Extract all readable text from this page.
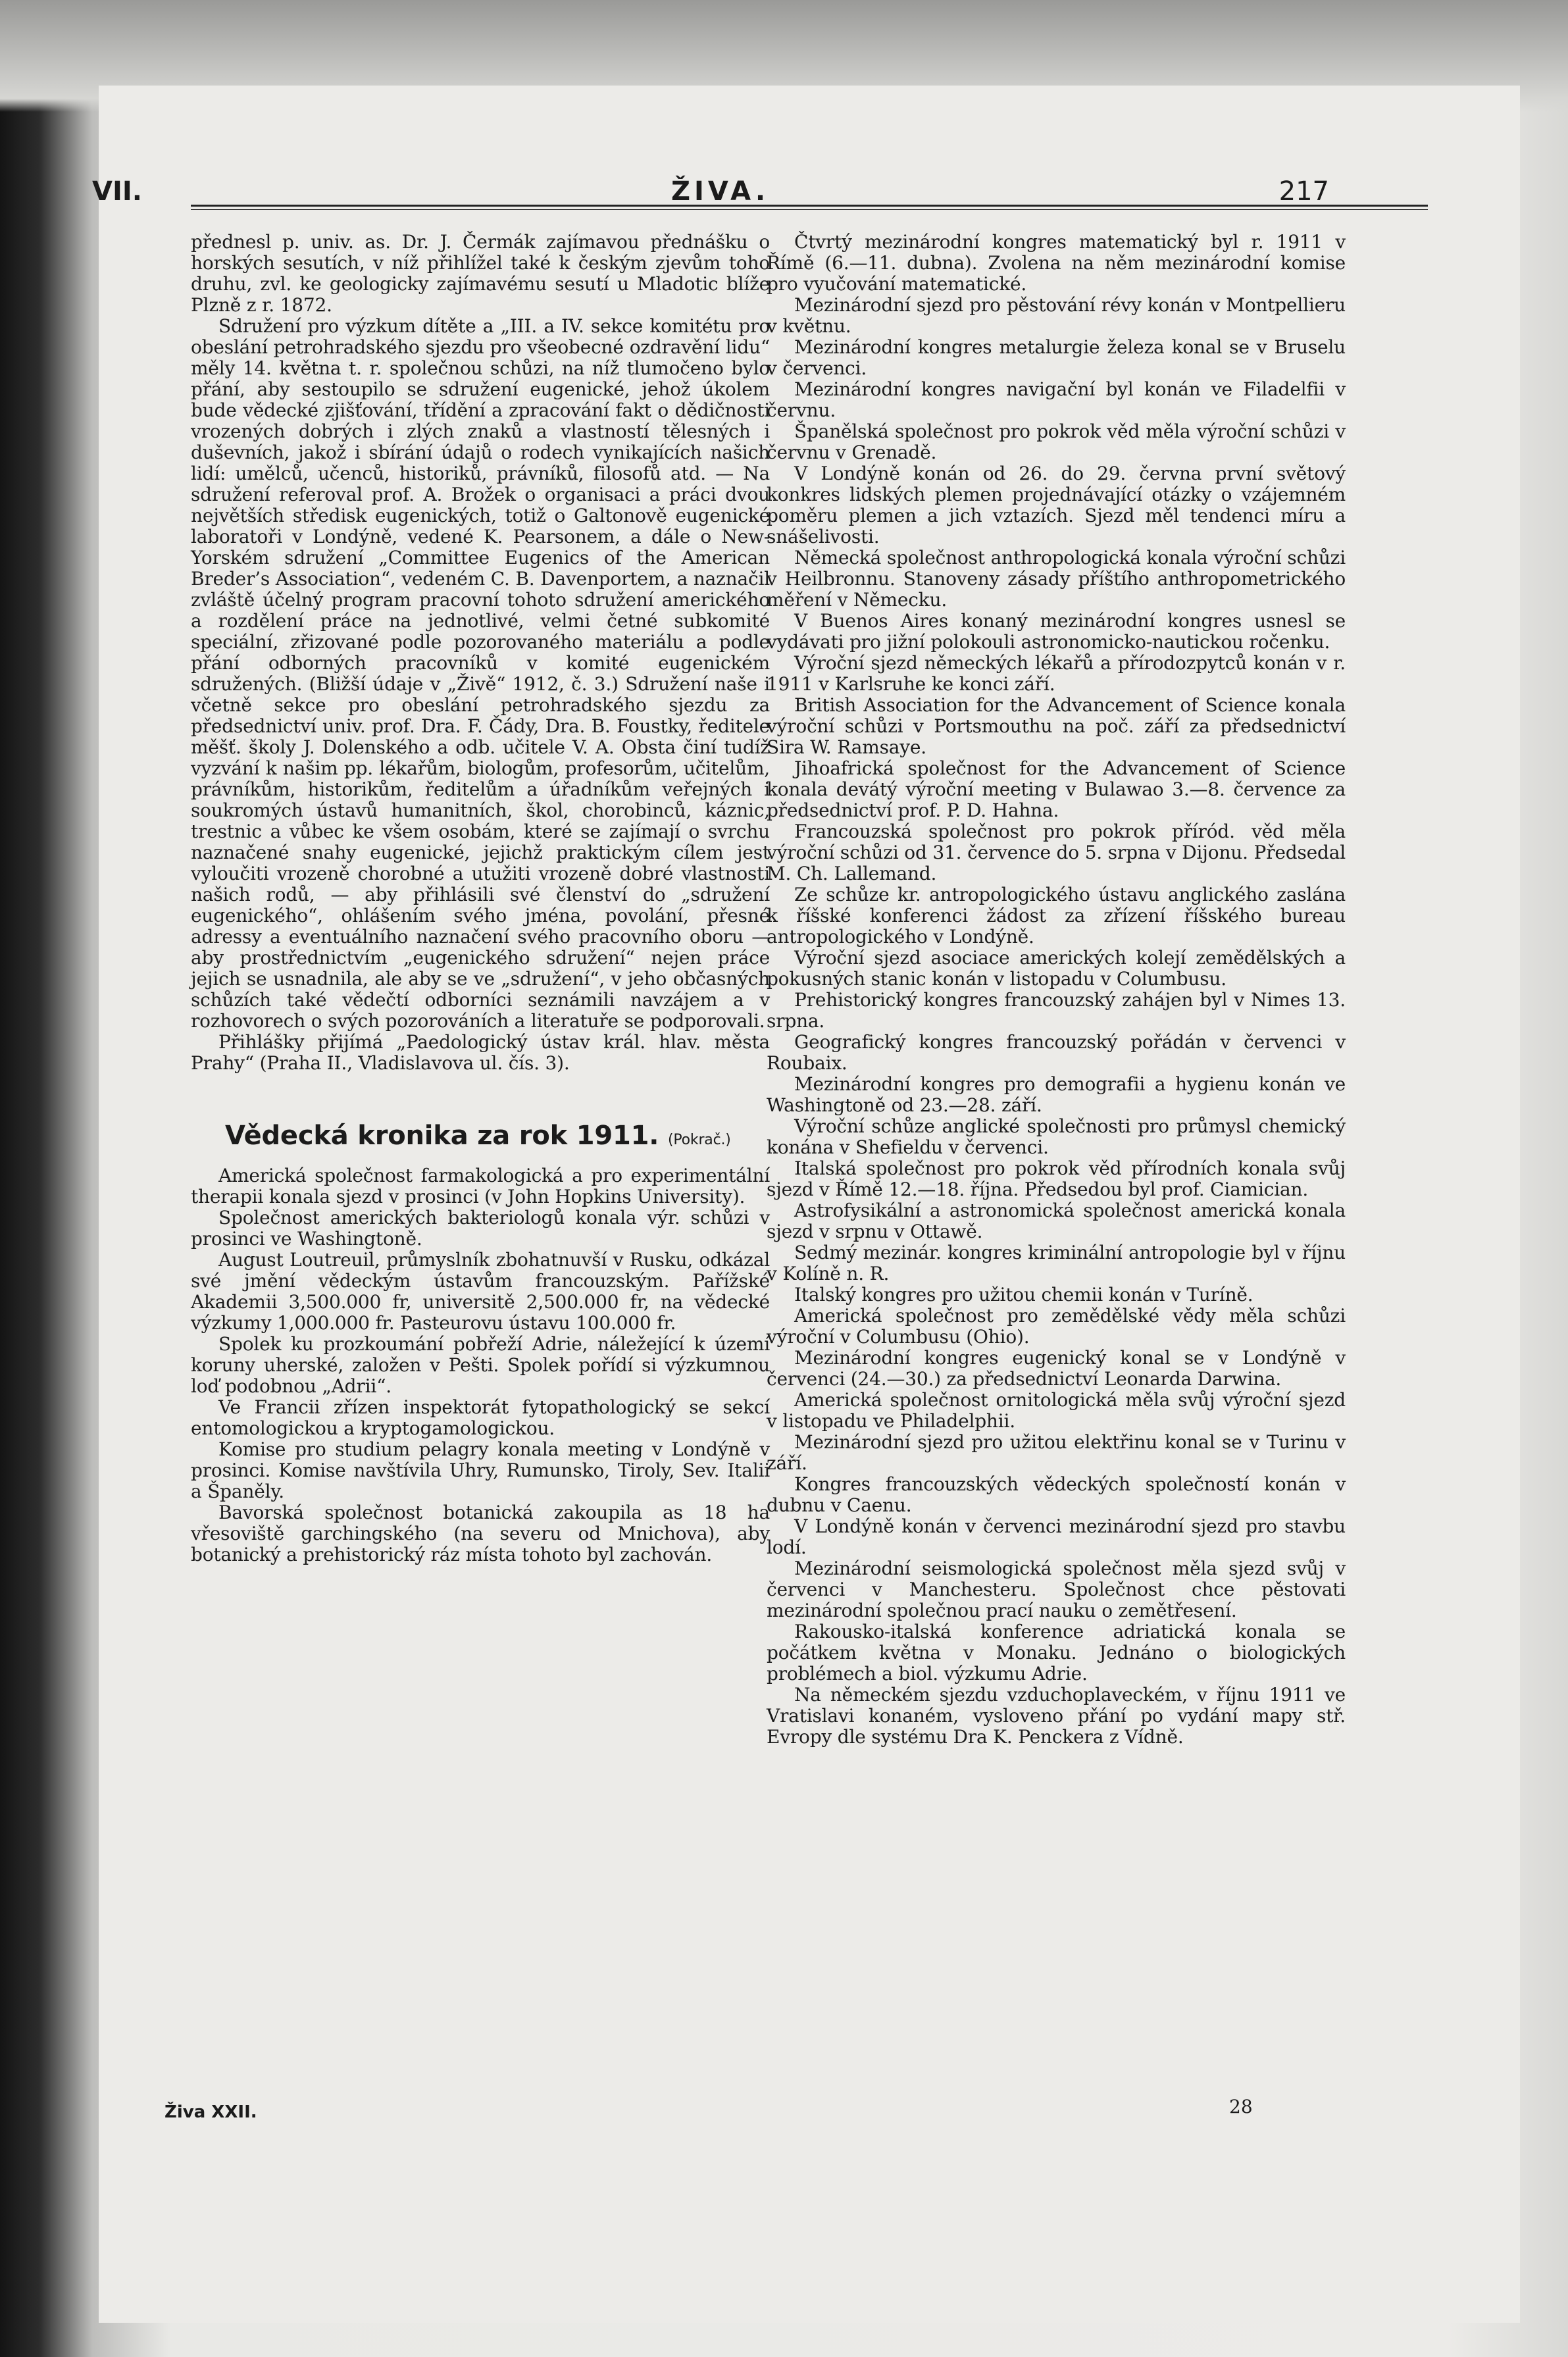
VII.	ŽIVA.	217

přednesl p. univ. as. Dr. J. Čermák zajímavou přednášku o horských sesutích, v níž přihlížel také k českým zjevům toho druhu, zvl. ke geologicky zajímavému sesutí u Mladotic blíže Plzně z r. 1872.

Sdružení pro výzkum dítěte a „III. a IV. sekce komitétu pro obeslání petrohradského sjezdu pro všeobecné ozdravění lidu“ měly 14. května t. r. společnou schůzi, na níž tlumočeno bylo přání, aby sestoupilo se sdružení eugenické, jehož úkolem bude vědecké zjišťování, třídění a zpracování fakt o dědičnosti vrozených dobrých i zlých znaků a vlastností tělesných i duševních, jakož i sbírání údajů o rodech vynikajících našich lidí: umělců, učenců, historiků, právníků, filosofů atd. — Na sdružení referoval prof. A. Brožek o organisaci a práci dvou největších středisk eugenických, totiž o Galtonově eugenické laboratoři v Londýně, vedené K. Pearsonem, a dále o New-Yorském sdružení „Committee Eugenics of the American Breder’s Association“, vedeném C. B. Davenportem, a naznačil zvláště účelný program pracovní tohoto sdružení amerického a rozdělení práce na jednotlivé, velmi četné subkomité speciální, zřizované podle pozorovaného materiálu a podle přání odborných pracovníků v komité eugenickém sdružených. (Bližší údaje v „Živě“ 1912, č. 3.) Sdružení naše i včetně sekce pro obeslání petrohradského sjezdu za předsednictví univ. prof. Dra. F. Čády, Dra. B. Foustky, ředitele měšť. školy J. Dolenského a odb. učitele V. A. Obsta činí tudíž vyzvání k našim pp. lékařům, biologům, profesorům, učitelům, právníkům, historikům, ředitelům a úřadníkům veřejných i soukromých ústavů humanitních, škol, chorobinců, káznic, trestnic a vůbec ke všem osobám, které se zajímají o svrchu naznačené snahy eugenické, jejichž praktickým cílem jest vyloučiti vrozeně chorobné a utužiti vrozeně dobré vlastnosti našich rodů, — aby přihlásili své členství do „sdružení eugenického“, ohlášením svého jména, povolání, přesné adressy a eventuálního naznačení svého pracovního oboru — aby prostřednictvím „eugenického sdružení“ nejen práce jejich se usnadnila, ale aby se ve „sdružení“, v jeho občasných schůzích také vědečtí odborníci seznámili navzájem a v rozhovorech o svých pozorováních a literatuře se podporovali.

Přihlášky přijímá „Paedologický ústav král. hlav. města Prahy“ (Praha II., Vladislavova ul. čís. 3).

Vědecká kronika za rok 1911. (Pokrač.)

Americká společnost farmakologická a pro experimentální therapii konala sjezd v prosinci (v John Hopkins University).

Společnost amerických bakteriologů konala výr. schůzi v prosinci ve Washingtoně.

August Loutreuil, průmyslník zbohatnuvší v Rusku, odkázal své jmění vědeckým ústavům francouzským. Pařížské Akademii 3,500.000 fr, universitě 2,500.000 fr, na vědecké výzkumy 1,000.000 fr. Pasteurovu ústavu 100.000 fr.

Spolek ku prozkoumání pobřeží Adrie, náležející k území koruny uherské, založen v Pešti. Spolek pořídí si výzkumnou loď podobnou „Adrii“.

Ve Francii zřízen inspektorát fytopathologický se sekcí entomologickou a kryptogamologickou.

Komise pro studium pelagry konala meeting v Londýně v prosinci. Komise navštívila Uhry, Rumunsko, Tiroly, Sev. Italii a Španěly.

Bavorská společnost botanická zakoupila as 18 ha vřesoviště garchingského (na severu od Mnichova), aby botanický a prehistorický ráz místa tohoto byl zachován.

Čtvrtý mezinárodní kongres matematický byl r. 1911 v Římě (6.—11. dubna). Zvolena na něm mezinárodní komise pro vyučování matematické.

Mezinárodní sjezd pro pěstování révy konán v Montpellieru v květnu.

Mezinárodní kongres metalurgie železa konal se v Bruselu v červenci.

Mezinárodní kongres navigační byl konán ve Filadelfii v červnu.

Španělská společnost pro pokrok věd měla výroční schůzi v červnu v Grenadě.

V Londýně konán od 26. do 29. června první světový konkres lidských plemen projednávající otázky o vzájemném poměru plemen a jich vztazích. Sjezd měl tendenci míru a snášelivosti.

Německá společnost anthropologická konala výroční schůzi v Heilbronnu. Stanoveny zásady příštího anthropometrického měření v Německu.

V Buenos Aires konaný mezinárodní kongres usnesl se vydávati pro jižní polokouli astronomicko-nautickou ročenku.

Výroční sjezd německých lékařů a přírodozpytců konán v r. 1911 v Karlsruhe ke konci září.

British Association for the Advancement of Science konala výroční schůzi v Portsmouthu na poč. září za předsednictví Sira W. Ramsaye.

Jihoafrická společnost for the Advancement of Science konala devátý výroční meeting v Bulawao 3.—8. července za předsednictví prof. P. D. Hahna.

Francouzská společnost pro pokrok příród. věd měla výroční schůzi od 31. července do 5. srpna v Dijonu. Předsedal M. Ch. Lallemand.

Ze schůze kr. antropologického ústavu anglického zaslána k říšské konferenci žádost za zřízení říšského bureau antropologického v Londýně.

Výroční sjezd asociace amerických kolejí zemědělských a pokusných stanic konán v listopadu v Columbusu.

Prehistorický kongres francouzský zahájen byl v Nimes 13. srpna.

Geografický kongres francouzský pořádán v červenci v Roubaix.

Mezinárodní kongres pro demografii a hygienu konán ve Washingtoně od 23.—28. září.

Výroční schůze anglické společnosti pro průmysl chemický konána v Shefieldu v červenci.

Italská společnost pro pokrok věd přírodních konala svůj sjezd v Římě 12.—18. října. Předsedou byl prof. Ciamician.

Astrofysikální a astronomická společnost americká konala sjezd v srpnu v Ottawě.

Sedmý mezinár. kongres kriminální antropologie byl v říjnu v Kolíně n. R.

Italský kongres pro užitou chemii konán v Turíně.

Americká společnost pro zemědělské vědy měla schůzi výroční v Columbusu (Ohio).

Mezinárodní kongres eugenický konal se v Londýně v červenci (24.—30.) za předsednictví Leonarda Darwina.

Americká společnost ornitologická měla svůj výroční sjezd v listopadu ve Philadelphii.

Mezinárodní sjezd pro užitou elektřinu konal se v Turinu v září.

Kongres francouzských vědeckých společností konán v dubnu v Caenu.

V Londýně konán v červenci mezinárodní sjezd pro stavbu lodí.

Mezinárodní seismologická společnost měla sjezd svůj v červenci v Manchesteru. Společnost chce pěstovati mezinárodní společnou prací nauku o zemětřesení.

Rakousko-italská konference adriatická konala se počátkem května v Monaku. Jednáno o biologických problémech a biol. výzkumu Adrie.

Na německém sjezdu vzduchoplaveckém, v říjnu 1911 ve Vratislavi konaném, vysloveno přání po vydání mapy stř. Evropy dle systému Dra K. Penckera z Vídně.

Živa XXII.	28
